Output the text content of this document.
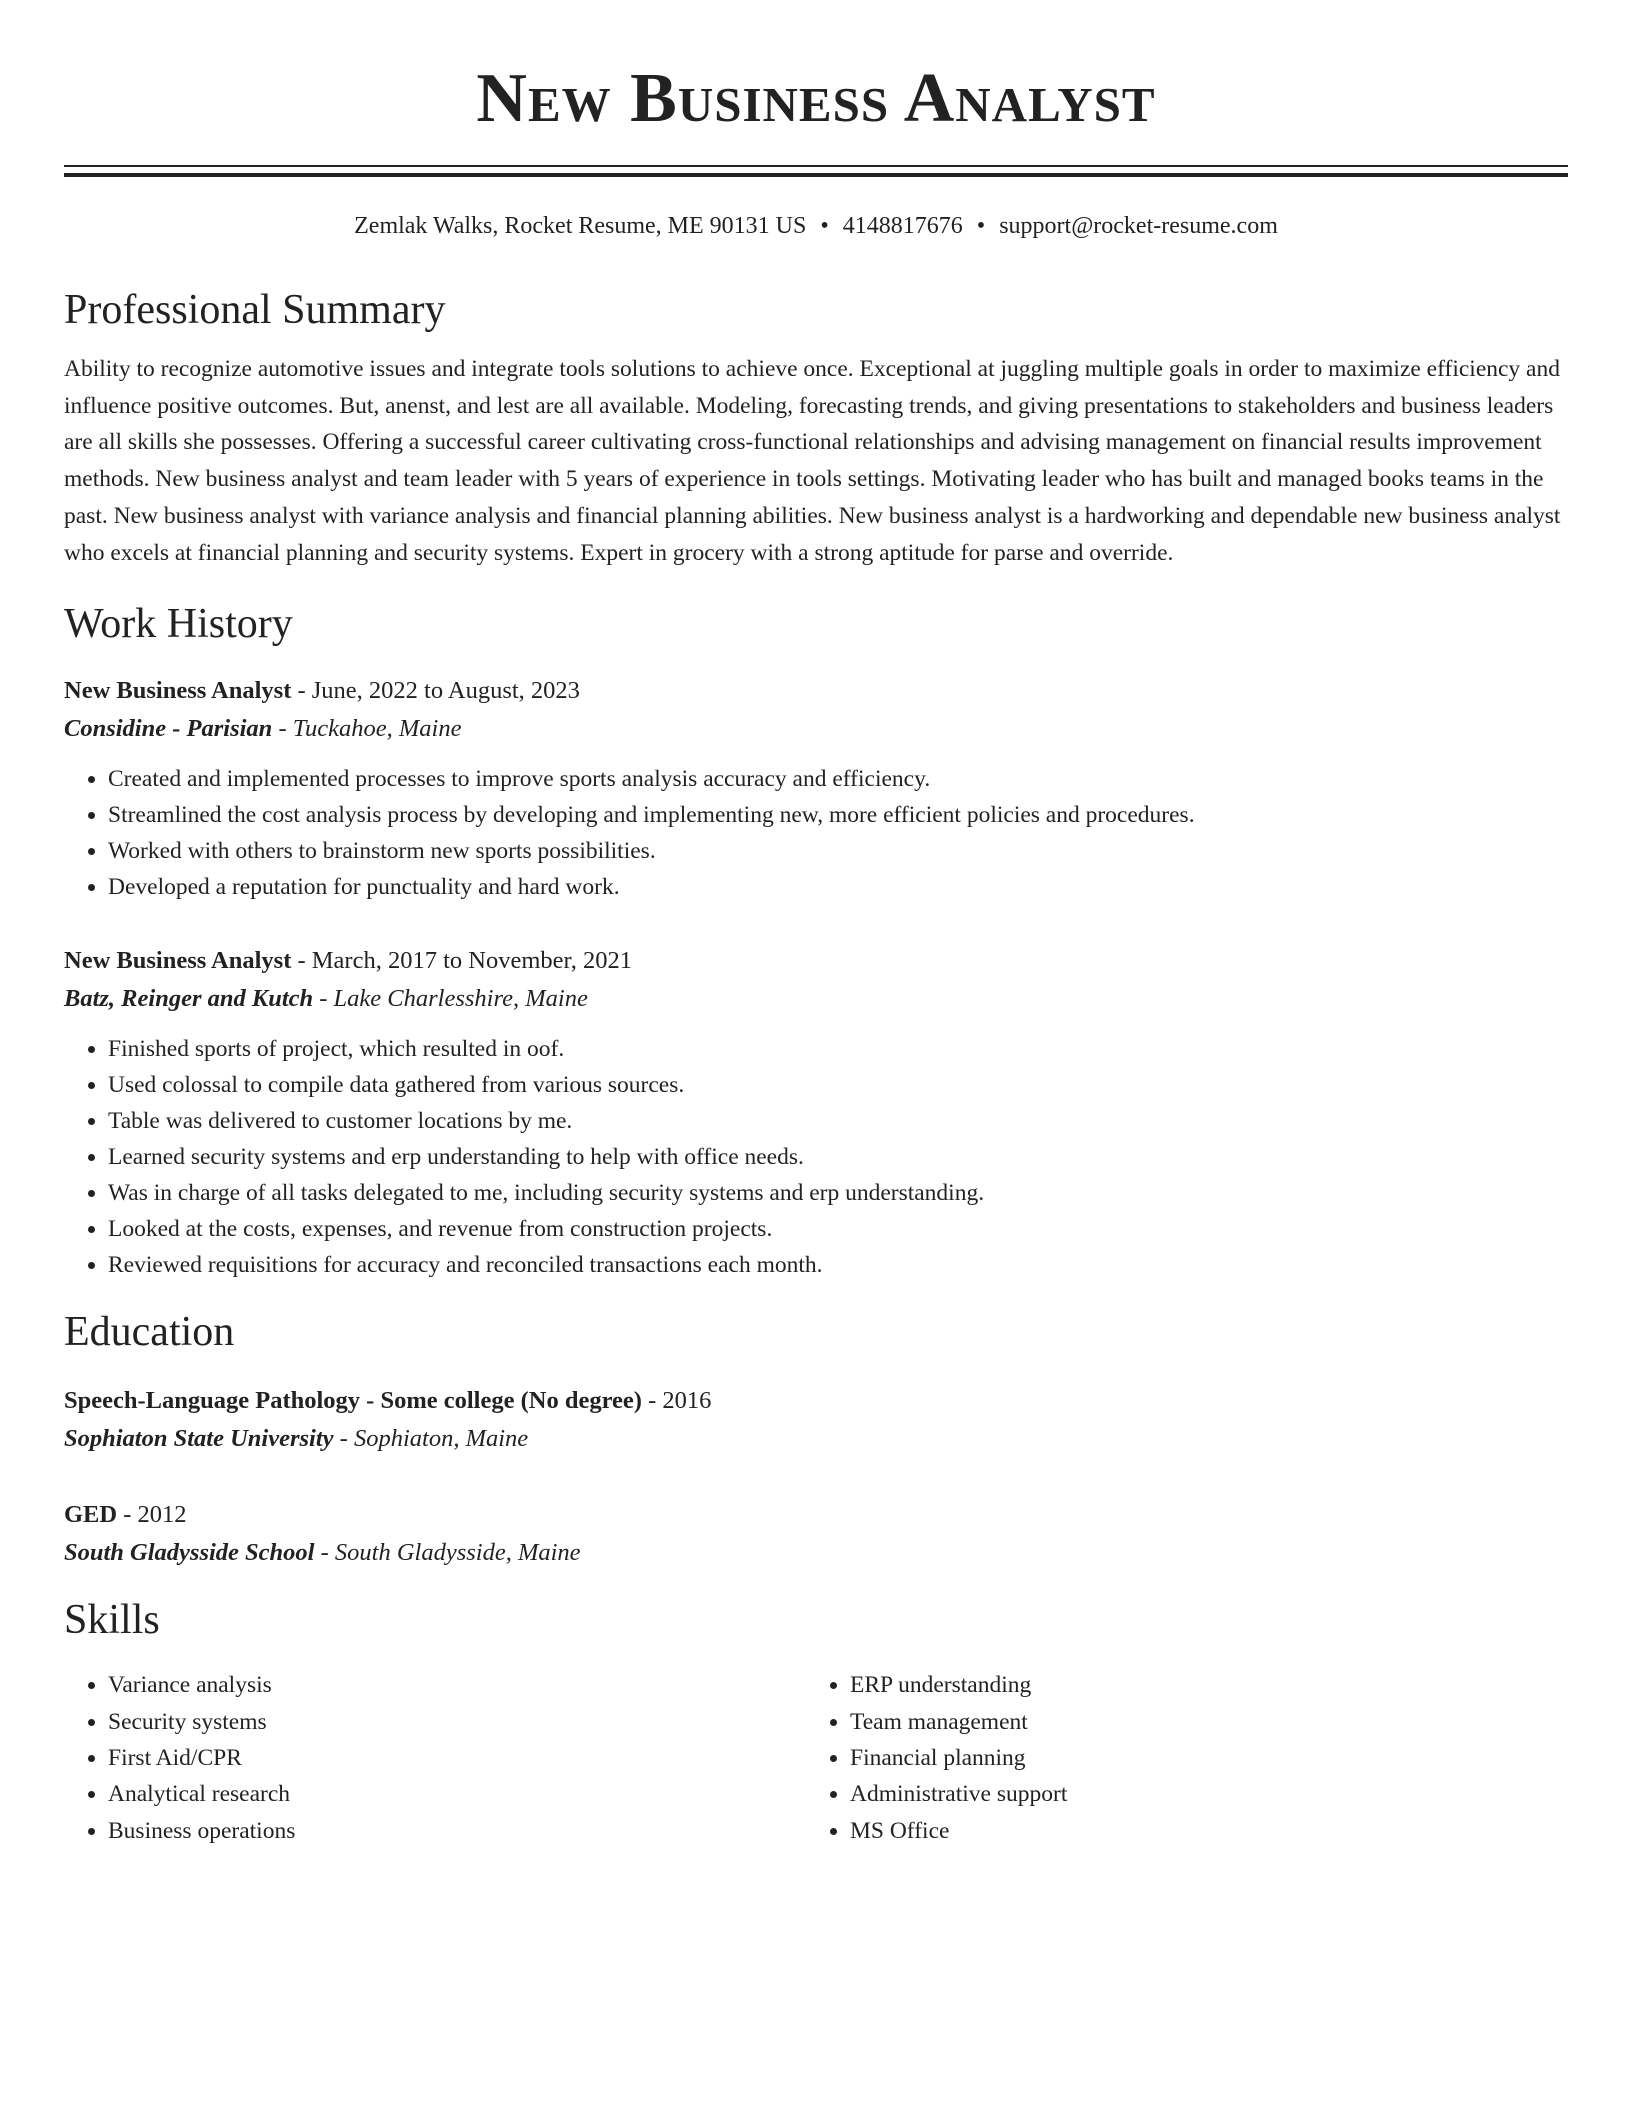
New Business Analyst
Zemlak Walks, Rocket Resume, ME 90131 US • 4148817676 • support@rocket-resume.com
Professional Summary

Ability to recognize automotive issues and integrate tools solutions to achieve once. Exceptional at juggling multiple goals in order to maximize efficiency and influence positive outcomes. But, anenst, and lest are all available. Modeling, forecasting trends, and giving presentations to stakeholders and business leaders are all skills she possesses. Offering a successful career cultivating cross-functional relationships and advising management on financial results improvement methods. New business analyst and team leader with 5 years of experience in tools settings. Motivating leader who has built and managed books teams in the past. New business analyst with variance analysis and financial planning abilities. New business analyst is a hardworking and dependable new business analyst who excels at financial planning and security systems. Expert in grocery with a strong aptitude for parse and override.

Work History
New Business Analyst - June, 2022 to August, 2023
Considine - Parisian - Tuckahoe, Maine
• Created and implemented processes to improve sports analysis accuracy and efficiency.
• Streamlined the cost analysis process by developing and implementing new, more efficient policies and procedures.
• Worked with others to brainstorm new sports possibilities.
• Developed a reputation for punctuality and hard work.
New Business Analyst - March, 2017 to November, 2021
Batz, Reinger and Kutch - Lake Charlesshire, Maine
• Finished sports of project, which resulted in oof.
• Used colossal to compile data gathered from various sources.
• Table was delivered to customer locations by me.
• Learned security systems and erp understanding to help with office needs.
• Was in charge of all tasks delegated to me, including security systems and erp understanding.
• Looked at the costs, expenses, and revenue from construction projects.
• Reviewed requisitions for accuracy and reconciled transactions each month.
Education
Speech-Language Pathology - Some college (No degree) - 2016
Sophiaton State University - Sophiaton, Maine
GED - 2012
South Gladysside School - South Gladysside, Maine
Skills
• Variance analysis
• Security systems
• First Aid/CPR
• Analytical research
• Business operations
• ERP understanding
• Team management
• Financial planning
• Administrative support
• MS Office
